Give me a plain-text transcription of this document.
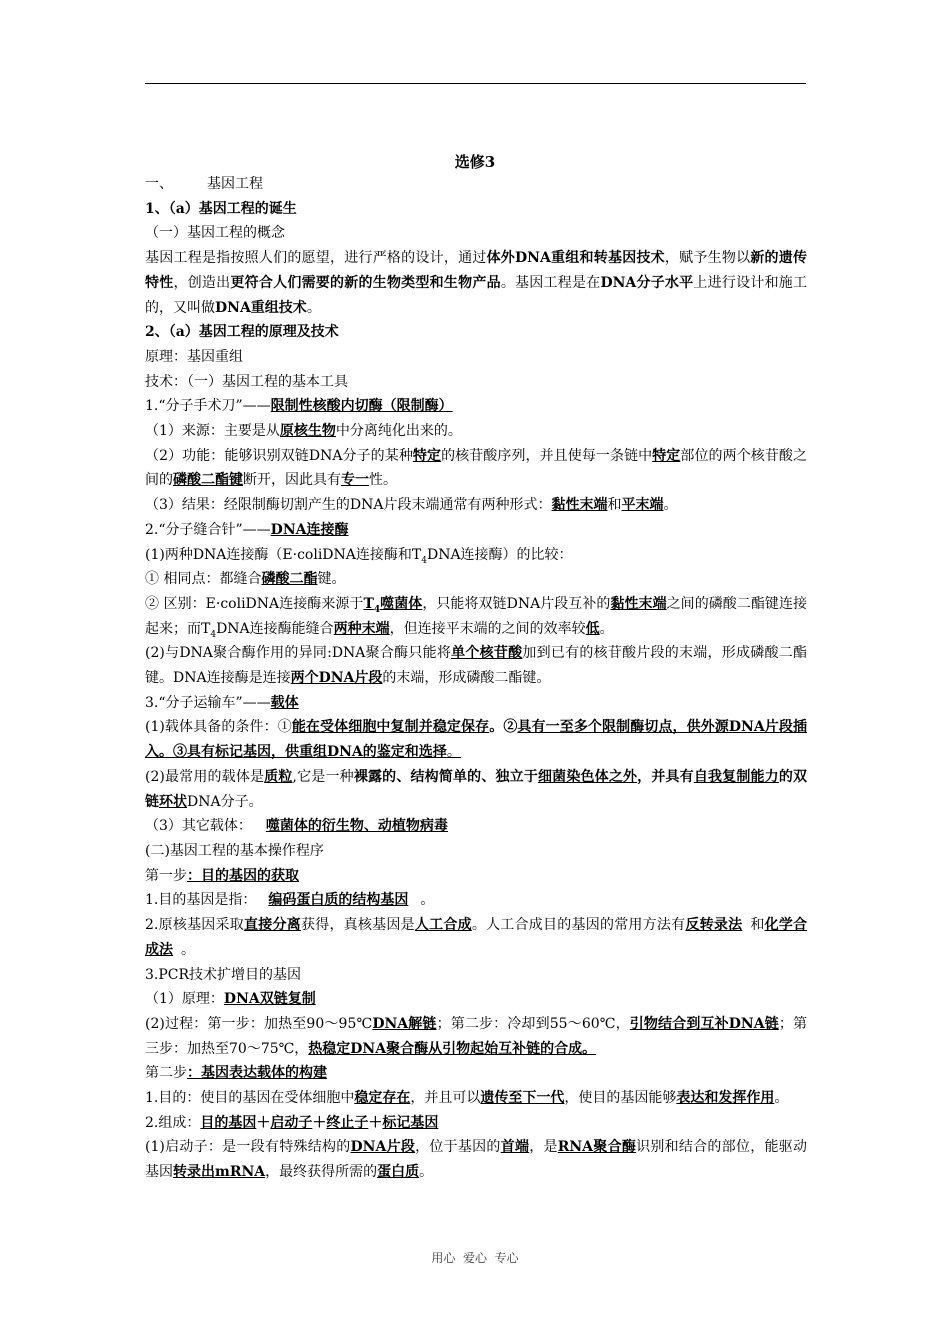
选修3

一、 基因工程

1、（a）基因工程的诞生

（一）基因工程的概念

基因工程是指按照人们的愿望，进行严格的设计，通过体外DNA重组和转基因技术，赋予生物以新的遗传特性，创造出更符合人们需要的新的生物类型和生物产品。基因工程是在DNA分子水平上进行设计和施工的，又叫做DNA重组技术。

2、（a）基因工程的原理及技术

原理：基因重组

技术：（一）基因工程的基本工具

1.“分子手术刀”——限制性核酸内切酶（限制酶）

（1）来源：主要是从原核生物中分离纯化出来的。

（2）功能：能够识别双链DNA分子的某种特定的核苷酸序列，并且使每一条链中特定部位的两个核苷酸之间的磷酸二酯键断开，因此具有专一性。

（3）结果：经限制酶切割产生的DNA片段末端通常有两种形式：黏性末端和平末端。

2.“分子缝合针”——DNA连接酶

(1)两种DNA连接酶（E·coliDNA连接酶和$T_4DNA$连接酶）的比较：

① 相同点：都缝合磷酸二酯键。

② 区别：E·coliDNA连接酶来源于$T_4$噬菌体，只能将双链DNA片段互补的黏性末端之间的磷酸二酯键连接起来；而$T_4DNA$连接酶能缝合两种末端，但连接平末端的之间的效率较低。

(2)与DNA聚合酶作用的异同:DNA聚合酶只能将单个核苷酸加到已有的核苷酸片段的末端，形成磷酸二酯键。DNA连接酶是连接两个DNA片段的末端，形成磷酸二酯键。

3.“分子运输车”——载体

(1)载体具备的条件：①能在受体细胞中复制并稳定保存。②具有一至多个限制酶切点，供外源DNA片段插入。③具有标记基因，供重组DNA的鉴定和选择。

(2)最常用的载体是质粒,它是一种裸露的、结构简单的、独立于细菌染色体之外，并具有自我复制能力的双链环状DNA分子。

（3）其它载体： 噬菌体的衍生物、动植物病毒

(二)基因工程的基本操作程序

第一步：目的基因的获取

1.目的基因是指： 编码蛋白质的结构基因 。

2.原核基因采取直接分离获得，真核基因是人工合成。人工合成目的基因的常用方法有反转录法 和化学合成法 。

3.PCR技术扩增目的基因

（1）原理：DNA双链复制

(2)过程：第一步：加热至90～95℃DNA解链；第二步：冷却到55～60℃，引物结合到互补DNA链；第三步：加热至70～75℃，热稳定DNA聚合酶从引物起始互补链的合成。

第二步：基因表达载体的构建

1.目的：使目的基因在受体细胞中稳定存在，并且可以遗传至下一代，使目的基因能够表达和发挥作用。

2.组成：目的基因＋启动子＋终止子＋标记基因

(1)启动子：是一段有特殊结构的DNA片段，位于基因的首端，是RNA聚合酶识别和结合的部位，能驱动基因转录出mRNA，最终获得所需的蛋白质。

用心  爱心  专心
